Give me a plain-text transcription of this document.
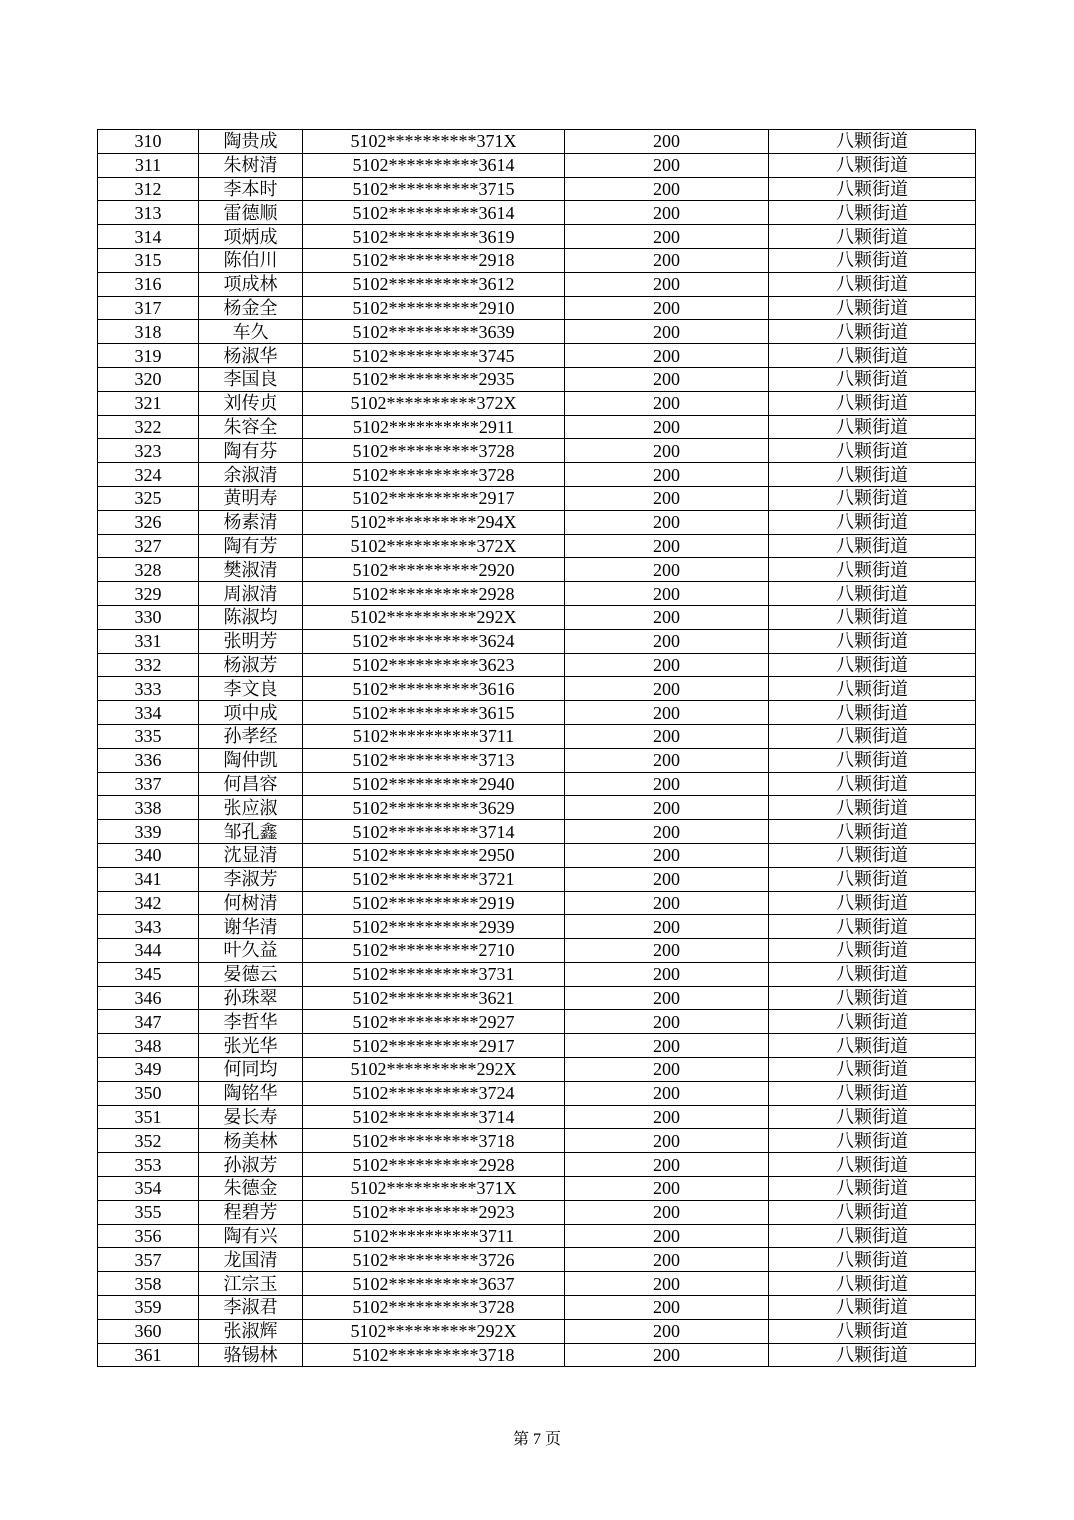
310	陶贵成	5102**********371X	200	八颗街道
311	朱树清	5102**********3614	200	八颗街道
312	李本时	5102**********3715	200	八颗街道
313	雷德顺	5102**********3614	200	八颗街道
314	项炳成	5102**********3619	200	八颗街道
315	陈伯川	5102**********2918	200	八颗街道
316	项成林	5102**********3612	200	八颗街道
317	杨金全	5102**********2910	200	八颗街道
318	车久	5102**********3639	200	八颗街道
319	杨淑华	5102**********3745	200	八颗街道
320	李国良	5102**********2935	200	八颗街道
321	刘传贞	5102**********372X	200	八颗街道
322	朱容全	5102**********2911	200	八颗街道
323	陶有芬	5102**********3728	200	八颗街道
324	余淑清	5102**********3728	200	八颗街道
325	黄明寿	5102**********2917	200	八颗街道
326	杨素清	5102**********294X	200	八颗街道
327	陶有芳	5102**********372X	200	八颗街道
328	樊淑清	5102**********2920	200	八颗街道
329	周淑清	5102**********2928	200	八颗街道
330	陈淑均	5102**********292X	200	八颗街道
331	张明芳	5102**********3624	200	八颗街道
332	杨淑芳	5102**********3623	200	八颗街道
333	李文良	5102**********3616	200	八颗街道
334	项中成	5102**********3615	200	八颗街道
335	孙孝经	5102**********3711	200	八颗街道
336	陶仲凯	5102**********3713	200	八颗街道
337	何昌容	5102**********2940	200	八颗街道
338	张应淑	5102**********3629	200	八颗街道
339	邹孔鑫	5102**********3714	200	八颗街道
340	沈显清	5102**********2950	200	八颗街道
341	李淑芳	5102**********3721	200	八颗街道
342	何树清	5102**********2919	200	八颗街道
343	谢华清	5102**********2939	200	八颗街道
344	叶久益	5102**********2710	200	八颗街道
345	晏德云	5102**********3731	200	八颗街道
346	孙珠翠	5102**********3621	200	八颗街道
347	李哲华	5102**********2927	200	八颗街道
348	张光华	5102**********2917	200	八颗街道
349	何同均	5102**********292X	200	八颗街道
350	陶铭华	5102**********3724	200	八颗街道
351	晏长寿	5102**********3714	200	八颗街道
352	杨美林	5102**********3718	200	八颗街道
353	孙淑芳	5102**********2928	200	八颗街道
354	朱德金	5102**********371X	200	八颗街道
355	程碧芳	5102**********2923	200	八颗街道
356	陶有兴	5102**********3711	200	八颗街道
357	龙国清	5102**********3726	200	八颗街道
358	江宗玉	5102**********3637	200	八颗街道
359	李淑君	5102**********3728	200	八颗街道
360	张淑辉	5102**********292X	200	八颗街道
361	骆锡林	5102**********3718	200	八颗街道
第 7 页
